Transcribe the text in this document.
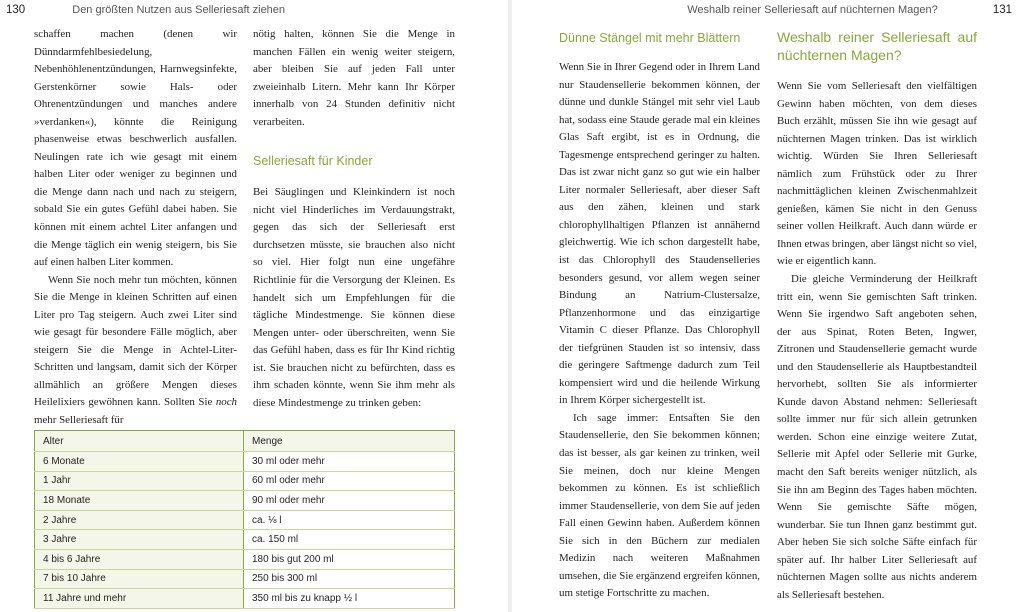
130	Den größten Nutzen aus Selleriesaft ziehen

schaffen machen (denen wir Dünndarmfehlbesiedelung, Nebenhöhlenentzündungen, Harnwegsinfekte, Gerstenkörner sowie Hals- oder Ohrenentzündungen und manches andere »verdanken«), könnte die Reinigung phasenweise etwas beschwerlich ausfallen. Neulingen rate ich wie gesagt mit einem halben Liter oder weniger zu beginnen und die Menge dann nach und nach zu steigern, sobald Sie ein gutes Gefühl dabei haben. Sie können mit einem achtel Liter anfangen und die Menge täglich ein wenig steigern, bis Sie auf einen halben Liter kommen.

Wenn Sie noch mehr tun möchten, können Sie die Menge in kleinen Schritten auf einen Liter pro Tag steigern. Auch zwei Liter sind wie gesagt für besondere Fälle möglich, aber steigern Sie die Menge in Achtel-Liter-Schritten und langsam, damit sich der Körper allmählich an größere Mengen dieses Heilelixiers gewöhnen kann. Sollten Sie noch mehr Selleriesaft für

nötig halten, können Sie die Menge in manchen Fällen ein wenig weiter steigern, aber bleiben Sie auf jeden Fall unter zweieinhalb Litern. Mehr kann Ihr Körper innerhalb von 24 Stunden definitiv nicht verarbeiten.

Selleriesaft für Kinder

Bei Säuglingen und Kleinkindern ist noch nicht viel Hinderliches im Verdauungstrakt, gegen das sich der Selleriesaft erst durchsetzen müsste, sie brauchen also nicht so viel. Hier folgt nun eine ungefähre Richtlinie für die Versorgung der Kleinen. Es handelt sich um Empfehlungen für die tägliche Mindestmenge. Sie können diese Mengen unter- oder überschreiten, wenn Sie das Gefühl haben, dass es für Ihr Kind richtig ist. Sie brauchen nicht zu befürchten, dass es ihm schaden könnte, wenn Sie ihm mehr als diese Mindestmenge zu trinken geben:

Alter	Menge
6 Monate	30 ml oder mehr
1 Jahr	60 ml oder mehr
18 Monate	90 ml oder mehr
2 Jahre	ca. ⅛ l
3 Jahre	ca. 150 ml
4 bis 6 Jahre	180 bis gut 200 ml
7 bis 10 Jahre	250 bis 300 ml
11 Jahre und mehr	350 ml bis zu knapp ½ l
Weshalb reiner Selleriesaft auf nüchternen Magen?	131
Dünne Stängel mit mehr Blättern

Wenn Sie in Ihrer Gegend oder in Ihrem Land nur Staudensellerie bekommen können, der dünne und dunkle Stängel mit sehr viel Laub hat, sodass eine Staude gerade mal ein kleines Glas Saft ergibt, ist es in Ordnung, die Tagesmenge entsprechend geringer zu halten. Das ist zwar nicht ganz so gut wie ein halber Liter normaler Selleriesaft, aber dieser Saft aus den zähen, kleinen und stark chlorophyllhaltigen Pflanzen ist annähernd gleichwertig. Wie ich schon dargestellt habe, ist das Chlorophyll des Staudenselleries besonders gesund, vor allem wegen seiner Bindung an Natrium-Clustersalze, Pflanzenhormone und das einzigartige Vitamin C dieser Pflanze. Das Chlorophyll der tiefgrünen Stauden ist so intensiv, dass die geringere Saftmenge dadurch zum Teil kompensiert wird und die heilende Wirkung in Ihrem Körper sichergestellt ist.

Ich sage immer: Entsaften Sie den Staudensellerie, den Sie bekommen können; das ist besser, als gar keinen zu trinken, weil Sie meinen, doch nur kleine Mengen bekommen zu können. Es ist schließlich immer Staudensellerie, von dem Sie auf jeden Fall einen Gewinn haben. Außerdem können Sie sich in den Büchern zur medialen Medizin nach weiteren Maßnahmen umsehen, die Sie ergänzend ergreifen können, um stetige Fortschritte zu machen.

Weshalb reiner Selleriesaft auf nüchternen Magen?

Wenn Sie vom Selleriesaft den vielfältigen Gewinn haben möchten, von dem dieses Buch erzählt, müssen Sie ihn wie gesagt auf nüchternen Magen trinken. Das ist wirklich wichtig. Würden Sie Ihren Selleriesaft nämlich zum Frühstück oder zu Ihrer nachmittäglichen kleinen Zwischenmahlzeit genießen, kämen Sie nicht in den Genuss seiner vollen Heilkraft. Auch dann würde er Ihnen etwas bringen, aber längst nicht so viel, wie er eigentlich kann.

Die gleiche Verminderung der Heilkraft tritt ein, wenn Sie gemischten Saft trinken. Wenn Sie irgendwo Saft angeboten sehen, der aus Spinat, Roten Beten, Ingwer, Zitronen und Staudensellerie gemacht wurde und den Staudensellerie als Hauptbestandteil hervorhebt, sollten Sie als informierter Kunde davon Abstand nehmen: Selleriesaft sollte immer nur für sich allein getrunken werden. Schon eine einzige weitere Zutat, Sellerie mit Apfel oder Sellerie mit Gurke, macht den Saft bereits weniger nützlich, als Sie ihn am Beginn des Tages haben möchten. Wenn Sie gemischte Säfte mögen, wunderbar. Sie tun Ihnen ganz bestimmt gut. Aber heben Sie sich solche Säfte einfach für später auf. Ihr halber Liter Selleriesaft auf nüchternen Magen sollte aus nichts anderem als Selleriesaft bestehen.
